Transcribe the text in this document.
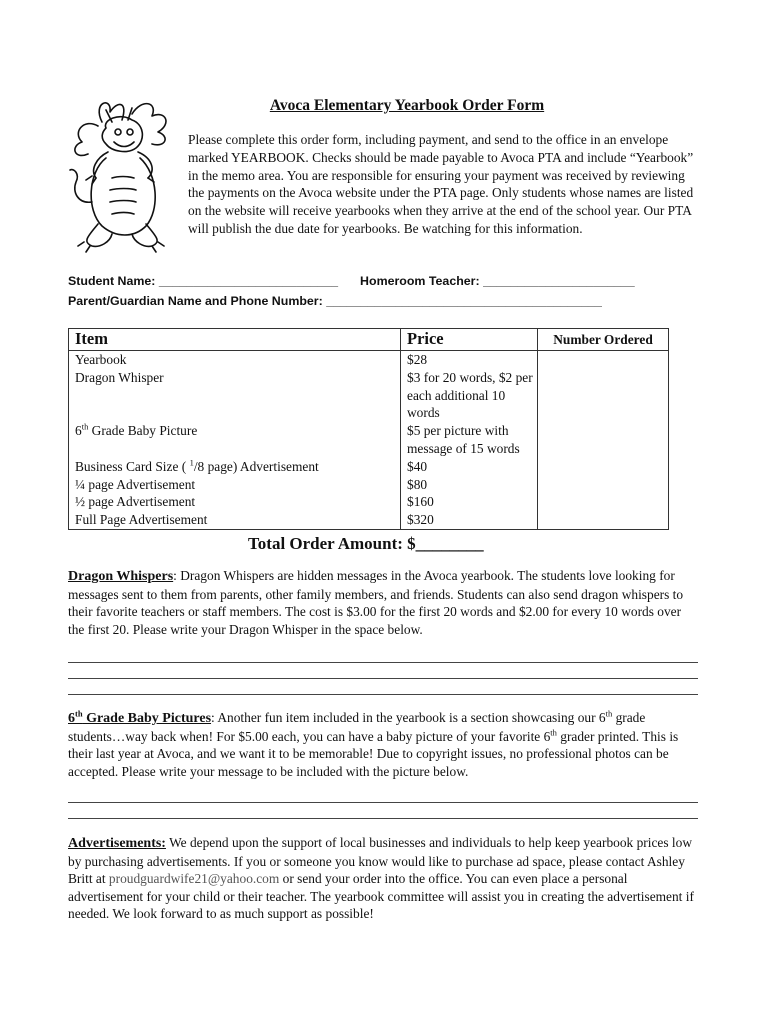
Avoca Elementary Yearbook Order Form
Please complete this order form, including payment, and send to the office in an envelope marked YEARBOOK. Checks should be made payable to Avoca PTA and include “Yearbook” in the memo area. You are responsible for ensuring your payment was received by reviewing the payments on the Avoca website under the PTA page. Only students whose names are listed on the website will receive yearbooks when they arrive at the end of the school year. Our PTA will publish the due date for yearbooks. Be watching for this information.
Student Name: __________________________ Homeroom Teacher: ______________________
Parent/Guardian Name and Phone Number: ________________________________________
Item	Price	Number Ordered
Yearbook	$28	
Dragon Whisper	$3 for 20 words, $2 per each additional 10 words	
6th Grade Baby Picture	$5 per picture with message of 15 words	
Business Card Size ( $^1$/8 page) Advertisement	$40	
¼ page Advertisement	$80	
½ page Advertisement	$160	
Full Page Advertisement	$320	
Total Order Amount: $________
Dragon Whispers: Dragon Whispers are hidden messages in the Avoca yearbook. The students love looking for messages sent to them from parents, other family members, and friends. Students can also send dragon whispers to their favorite teachers or staff members. The cost is $3.00 for the first 20 words and $2.00 for every 10 words over the first 20. Please write your Dragon Whisper in the space below.
6th Grade Baby Pictures: Another fun item included in the yearbook is a section showcasing our 6th grade students…way back when! For $5.00 each, you can have a baby picture of your favorite 6th grader printed. This is their last year at Avoca, and we want it to be memorable! Due to copyright issues, no professional photos can be accepted. Please write your message to be included with the picture below.
Advertisements: We depend upon the support of local businesses and individuals to help keep yearbook prices low by purchasing advertisements. If you or someone you know would like to purchase ad space, please contact Ashley Britt at proudguardwife21@yahoo.com or send your order into the office. You can even place a personal advertisement for your child or their teacher. The yearbook committee will assist you in creating the advertisement if needed. We look forward to as much support as possible!
